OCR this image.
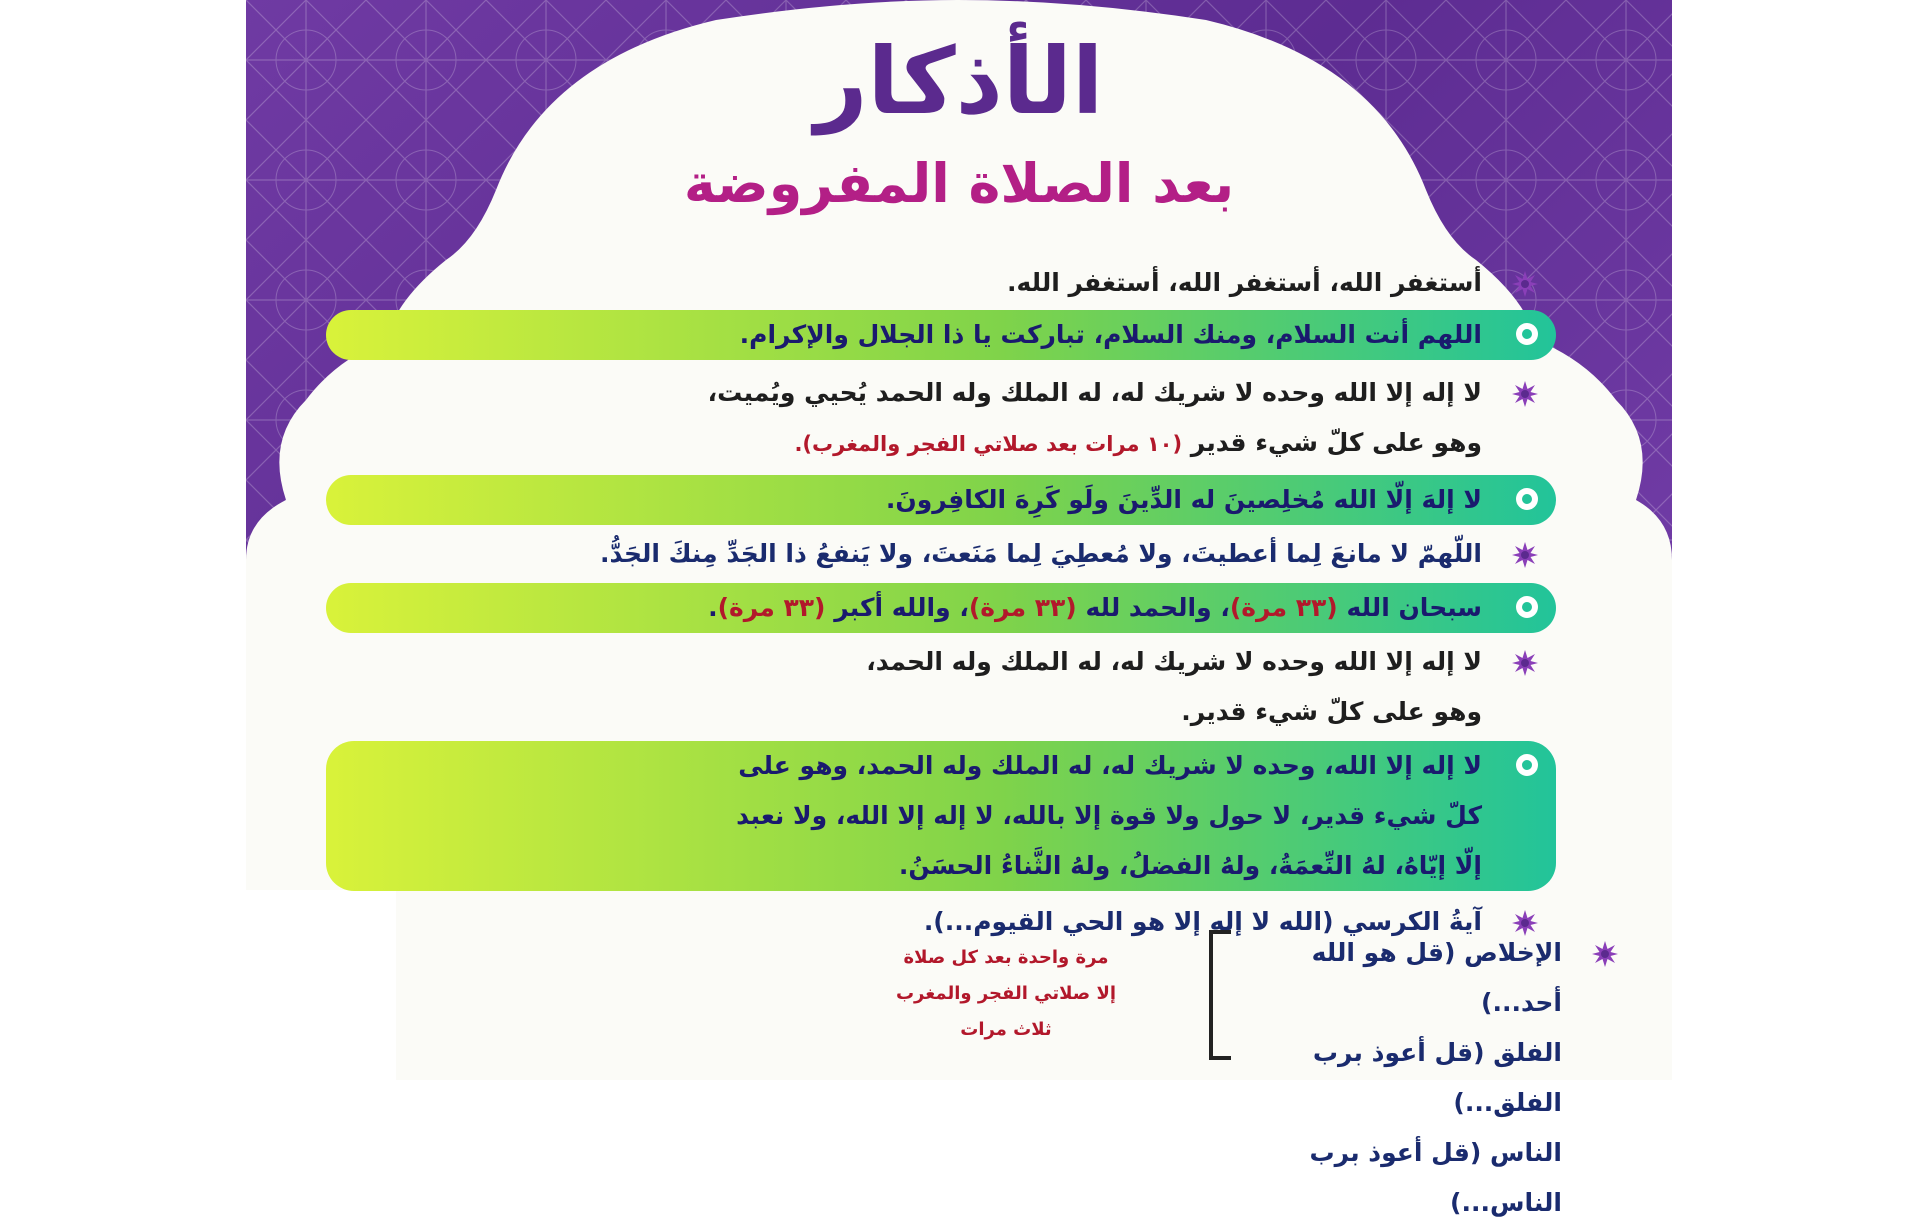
الأذكار
بعد الصلاة المفروضة
أستغفر الله، أستغفر الله، أستغفر الله.
اللهم أنت السلام، ومنك السلام، تباركت يا ذا الجلال والإكرام.
لا إله إلا الله وحده لا شريك له، له الملك وله الحمد يُحيي ويُميت،
وهو على كلّ شيء قدير (١٠ مرات بعد صلاتي الفجر والمغرب).
لا إلهَ إلّا الله مُخلِصينَ له الدِّينَ ولَو كَرِهَ الكافِرونَ.
اللّهمّ لا مانعَ لِما أعطيتَ، ولا مُعطِيَ لِما مَنَعتَ، ولا يَنفعُ ذا الجَدِّ مِنكَ الجَدُّ.
سبحان الله (٣٣ مرة)، والحمد لله (٣٣ مرة)، والله أكبر (٣٣ مرة).
لا إله إلا الله وحده لا شريك له، له الملك وله الحمد،
وهو على كلّ شيء قدير.
لا إله إلا الله، وحده لا شريك له، له الملك وله الحمد، وهو على
كلّ شيء قدير، لا حول ولا قوة إلا بالله، لا إله إلا الله، ولا نعبد
إلّا إيّاهُ، لهُ النِّعمَةُ، ولهُ الفضلُ، ولهُ الثَّناءُ الحسَنُ.
آيةُ الكرسي (الله لا إله إلا هو الحي القيوم...).
الإخلاص (قل هو الله أحد...)
الفلق (قل أعوذ برب الفلق...)
الناس (قل أعوذ برب الناس...)
مرة واحدة بعد كل صلاة
إلا صلاتي الفجر والمغرب
ثلاث مرات
